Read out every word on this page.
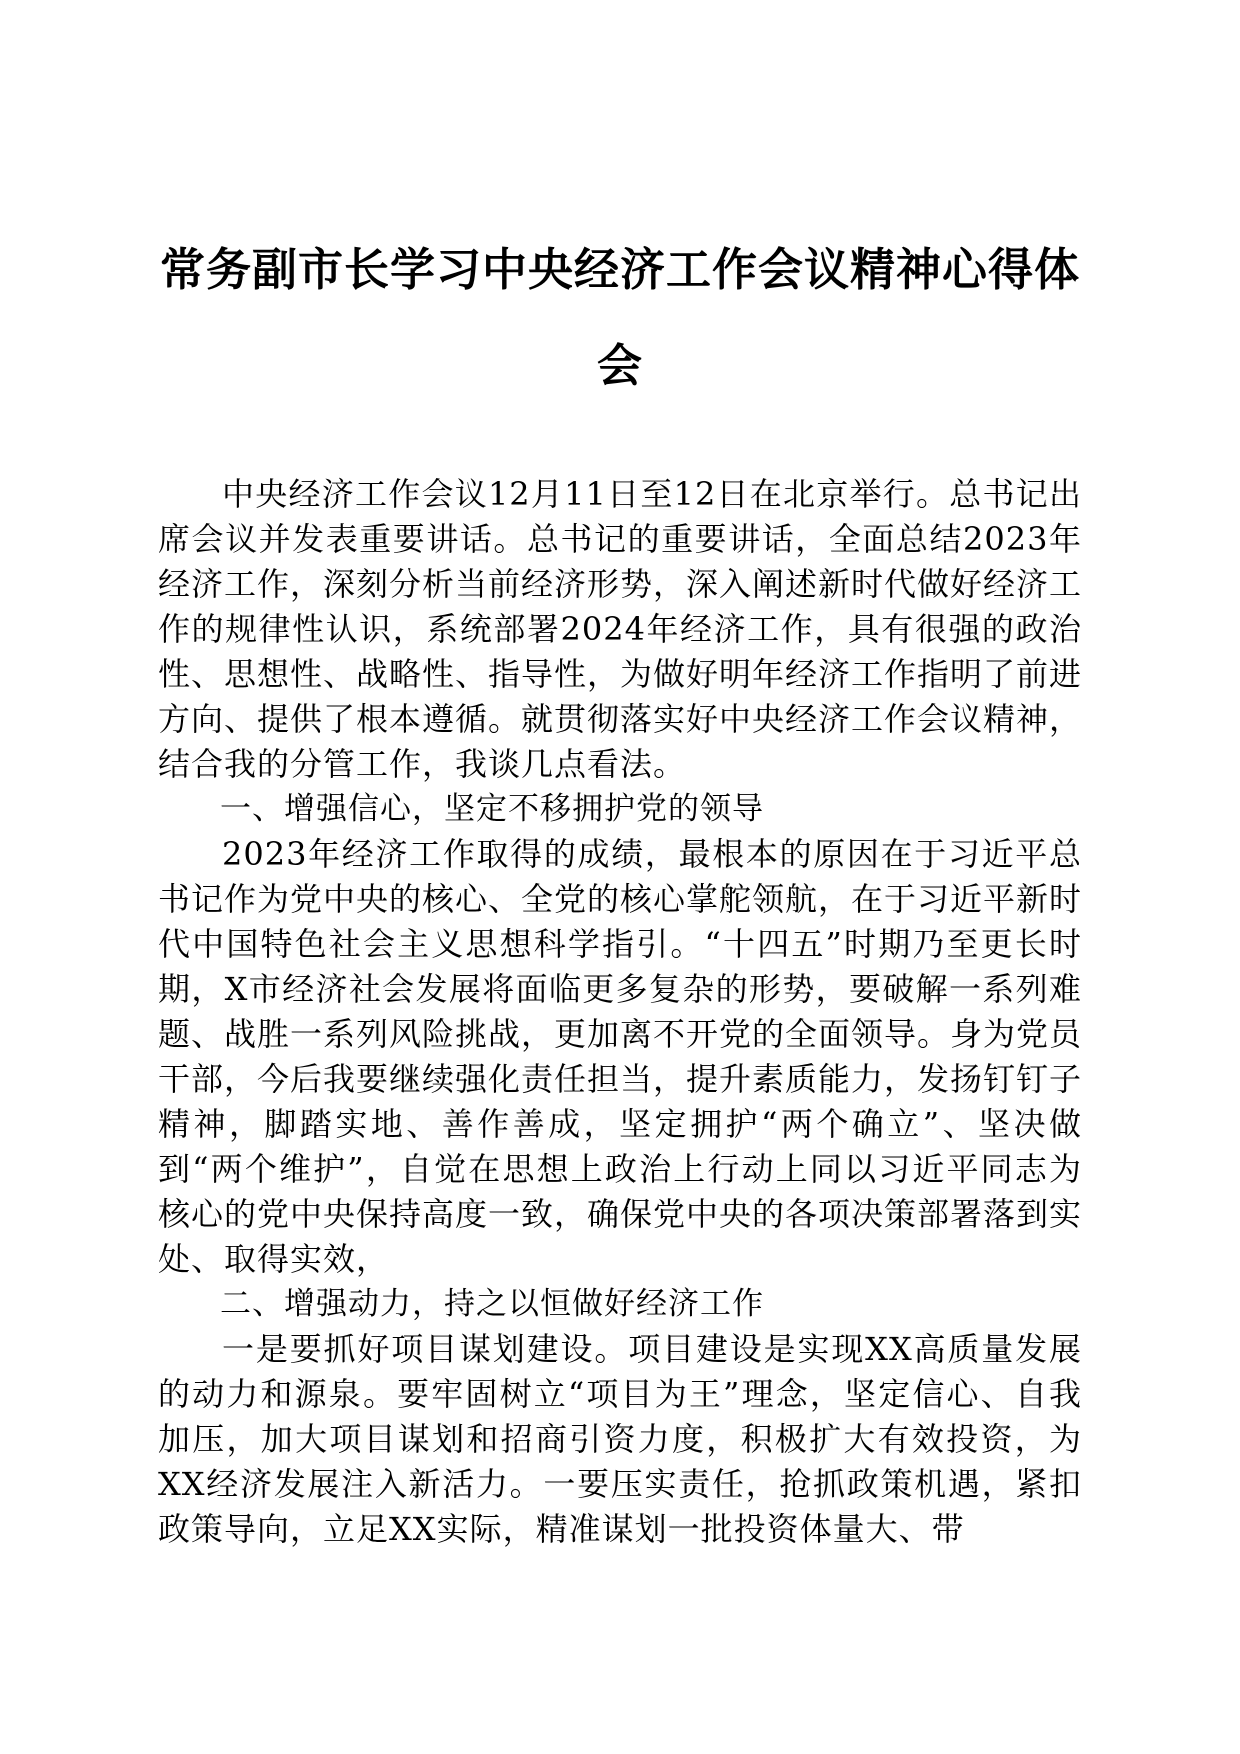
常务副市长学习中央经济工作会议精神心得体会

中央经济工作会议12月11日至12日在北京举行。总书记出席会议并发表重要讲话。总书记的重要讲话，全面总结2023年经济工作，深刻分析当前经济形势，深入阐述新时代做好经济工作的规律性认识，系统部署2024年经济工作，具有很强的政治性、思想性、战略性、指导性，为做好明年经济工作指明了前进方向、提供了根本遵循。就贯彻落实好中央经济工作会议精神，结合我的分管工作，我谈几点看法。

一、增强信心，坚定不移拥护党的领导

2023年经济工作取得的成绩，最根本的原因在于习近平总书记作为党中央的核心、全党的核心掌舵领航，在于习近平新时代中国特色社会主义思想科学指引。“十四五”时期乃至更长时期，X市经济社会发展将面临更多复杂的形势，要破解一系列难题、战胜一系列风险挑战，更加离不开党的全面领导。身为党员干部，今后我要继续强化责任担当，提升素质能力，发扬钉钉子精神，脚踏实地、善作善成，坚定拥护“两个确立”、坚决做到“两个维护”，自觉在思想上政治上行动上同以习近平同志为核心的党中央保持高度一致，确保党中央的各项决策部署落到实处、取得实效，

二、增强动力，持之以恒做好经济工作

一是要抓好项目谋划建设。项目建设是实现XX高质量发展的动力和源泉。要牢固树立“项目为王”理念，坚定信心、自我加压，加大项目谋划和招商引资力度，积极扩大有效投资，为XX经济发展注入新活力。一要压实责任，抢抓政策机遇，紧扣政策导向，立足XX实际，精准谋划一批投资体量大、带
